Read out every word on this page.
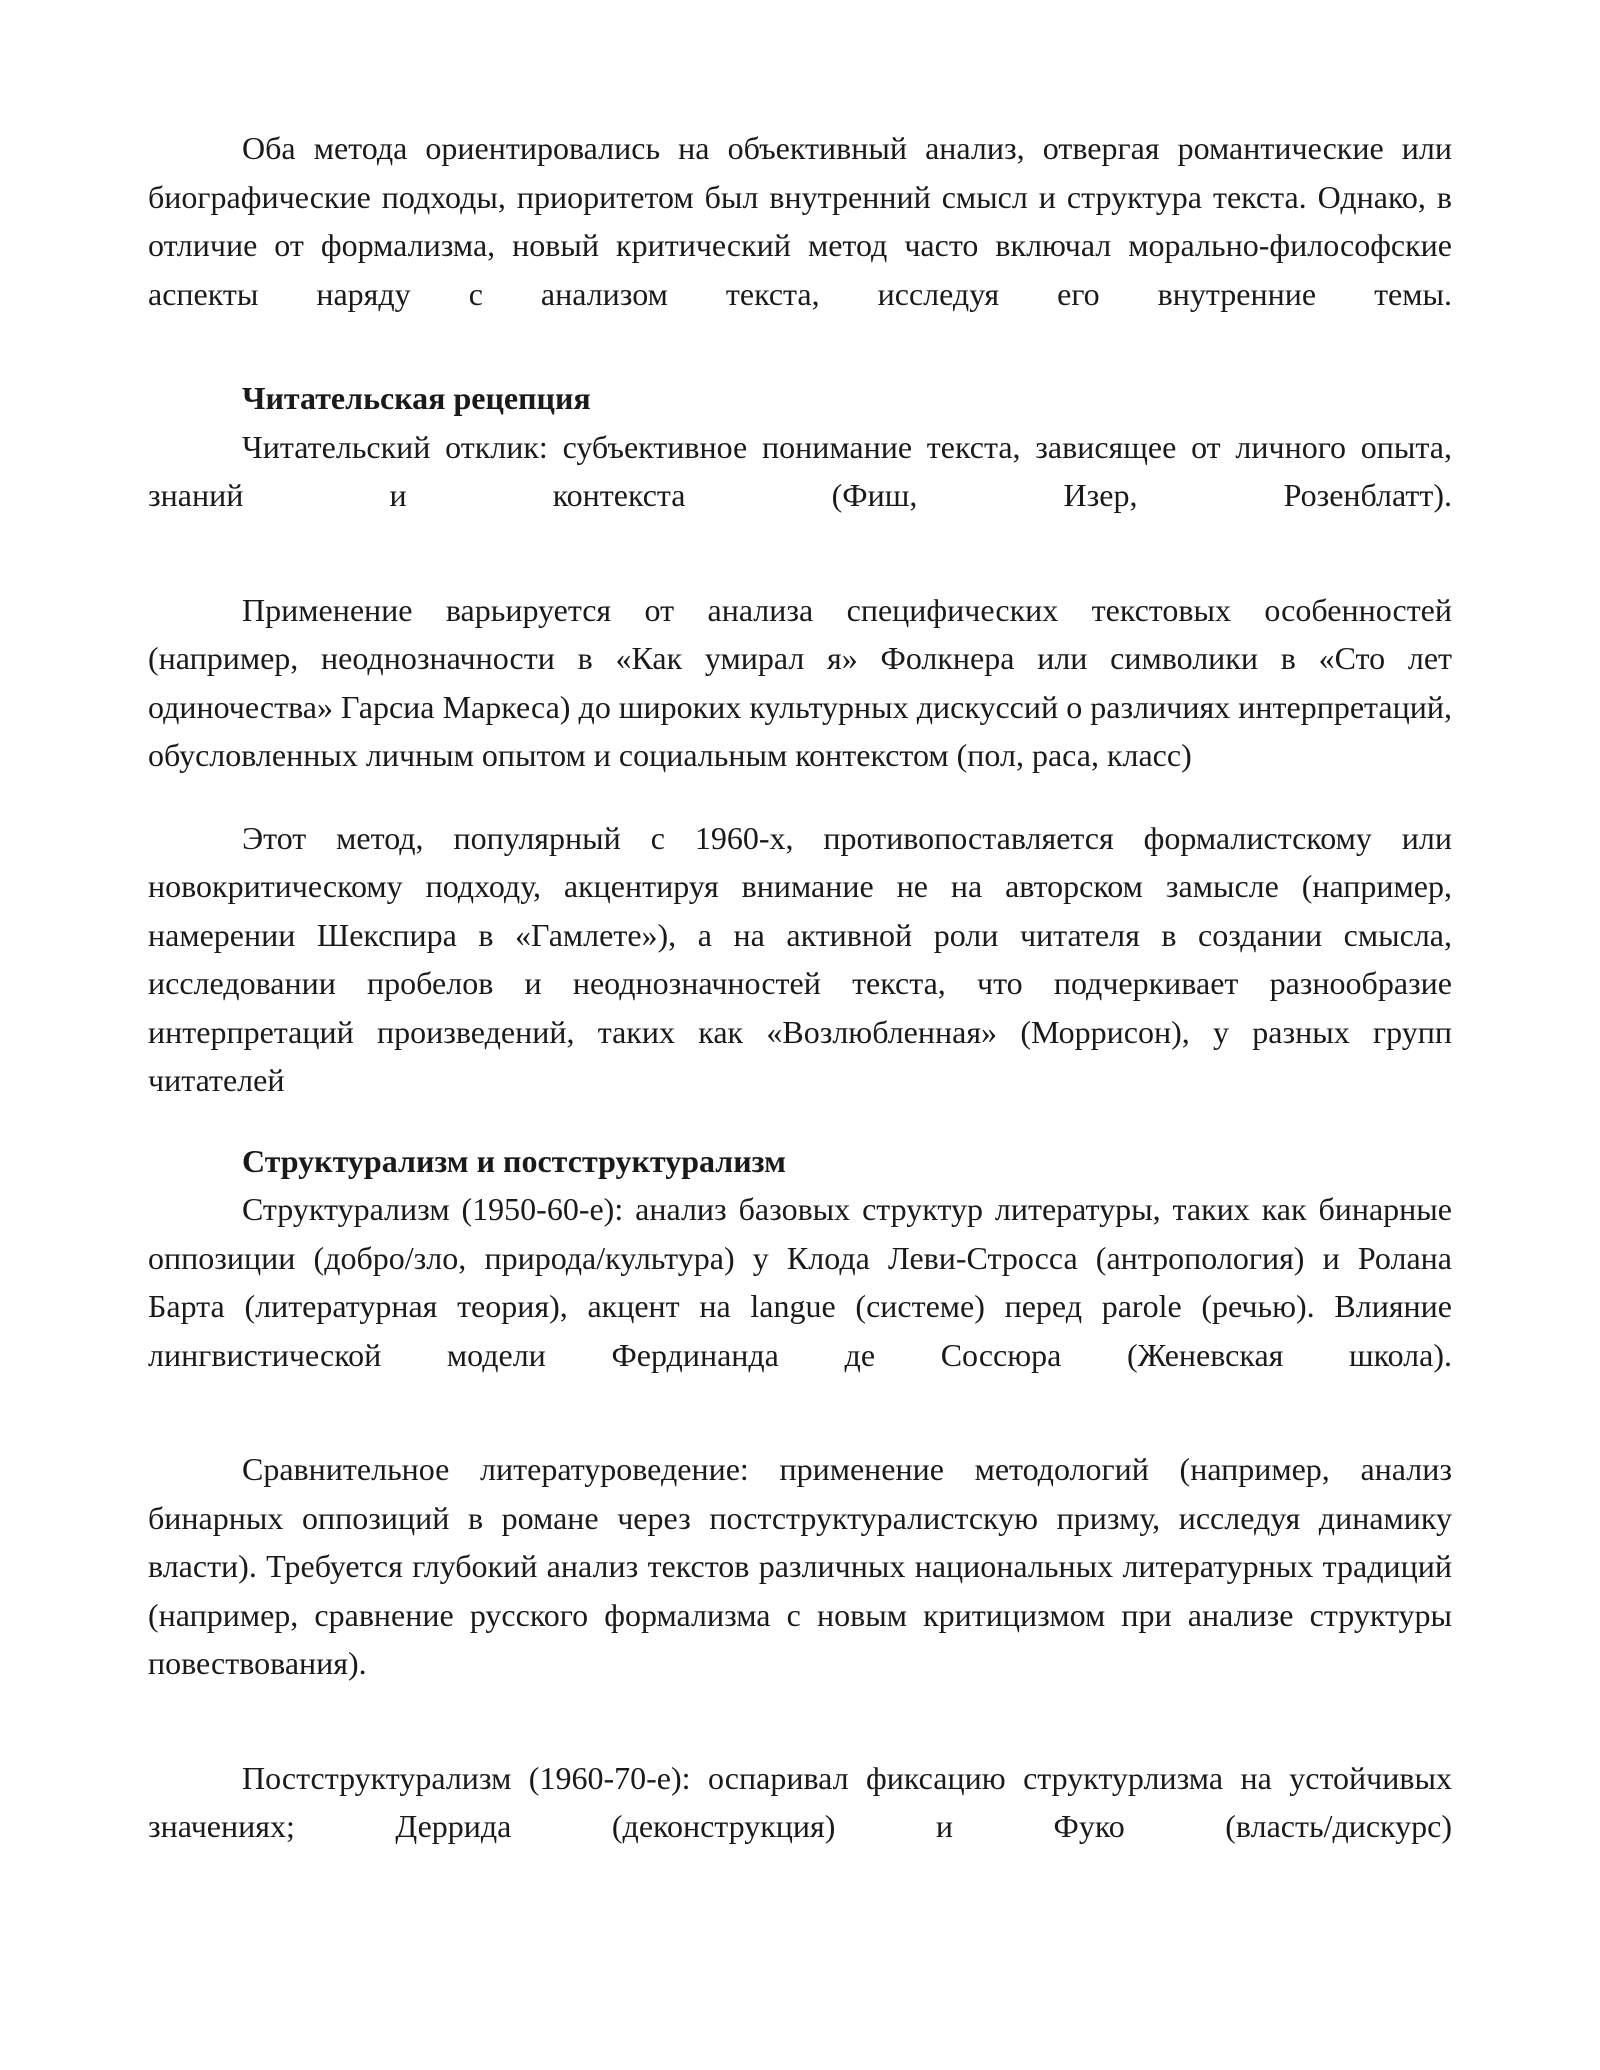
Оба метода ориентировались на объективный анализ, отвергая романтические или биографические подходы, приоритетом был внутренний смысл и структура текста. Однако, в отличие от формализма, новый критический метод часто включал морально-философские аспекты наряду с анализом текста, исследуя его внутренние темы.

Читательская рецепция

Читательский отклик: субъективное понимание текста, зависящее от личного опыта, знаний и контекста (Фиш, Изер, Розенблатт).

Применение варьируется от анализа специфических текстовых особенностей (например, неоднозначности в «Как умирал я» Фолкнера или символики в «Сто лет одиночества» Гарсиа Маркеса) до широких культурных дискуссий о различиях интерпретаций, обусловленных личным опытом и социальным контекстом (пол, раса, класс)

Этот метод, популярный с 1960-х, противопоставляется формалистскому или новокритическому подходу, акцентируя внимание не на авторском замысле (например, намерении Шекспира в «Гамлете»), а на активной роли читателя в создании смысла, исследовании пробелов и неоднозначностей текста, что подчеркивает разнообразие интерпретаций произведений, таких как «Возлюбленная» (Моррисон), у разных групп читателей

Структурализм и постструктурализм

Структурализм (1950-60-е): анализ базовых структур литературы, таких как бинарные оппозиции (добро/зло, природа/культура) у Клода Леви-Стросса (антропология) и Ролана Барта (литературная теория), акцент на langue (системе) перед parole (речью). Влияние лингвистической модели Фердинанда де Соссюра (Женевская школа).

Сравнительное литературоведение: применение методологий (например, анализ бинарных оппозиций в романе через постструктуралистскую призму, исследуя динамику власти). Требуется глубокий анализ текстов различных национальных литературных традиций (например, сравнение русского формализма с новым критицизмом при анализе структуры повествования).

Постструктурализм (1960-70-е): оспаривал фиксацию структурлизма на устойчивых значениях; Деррида (деконструкция) и Фуко (власть/дискурс)
